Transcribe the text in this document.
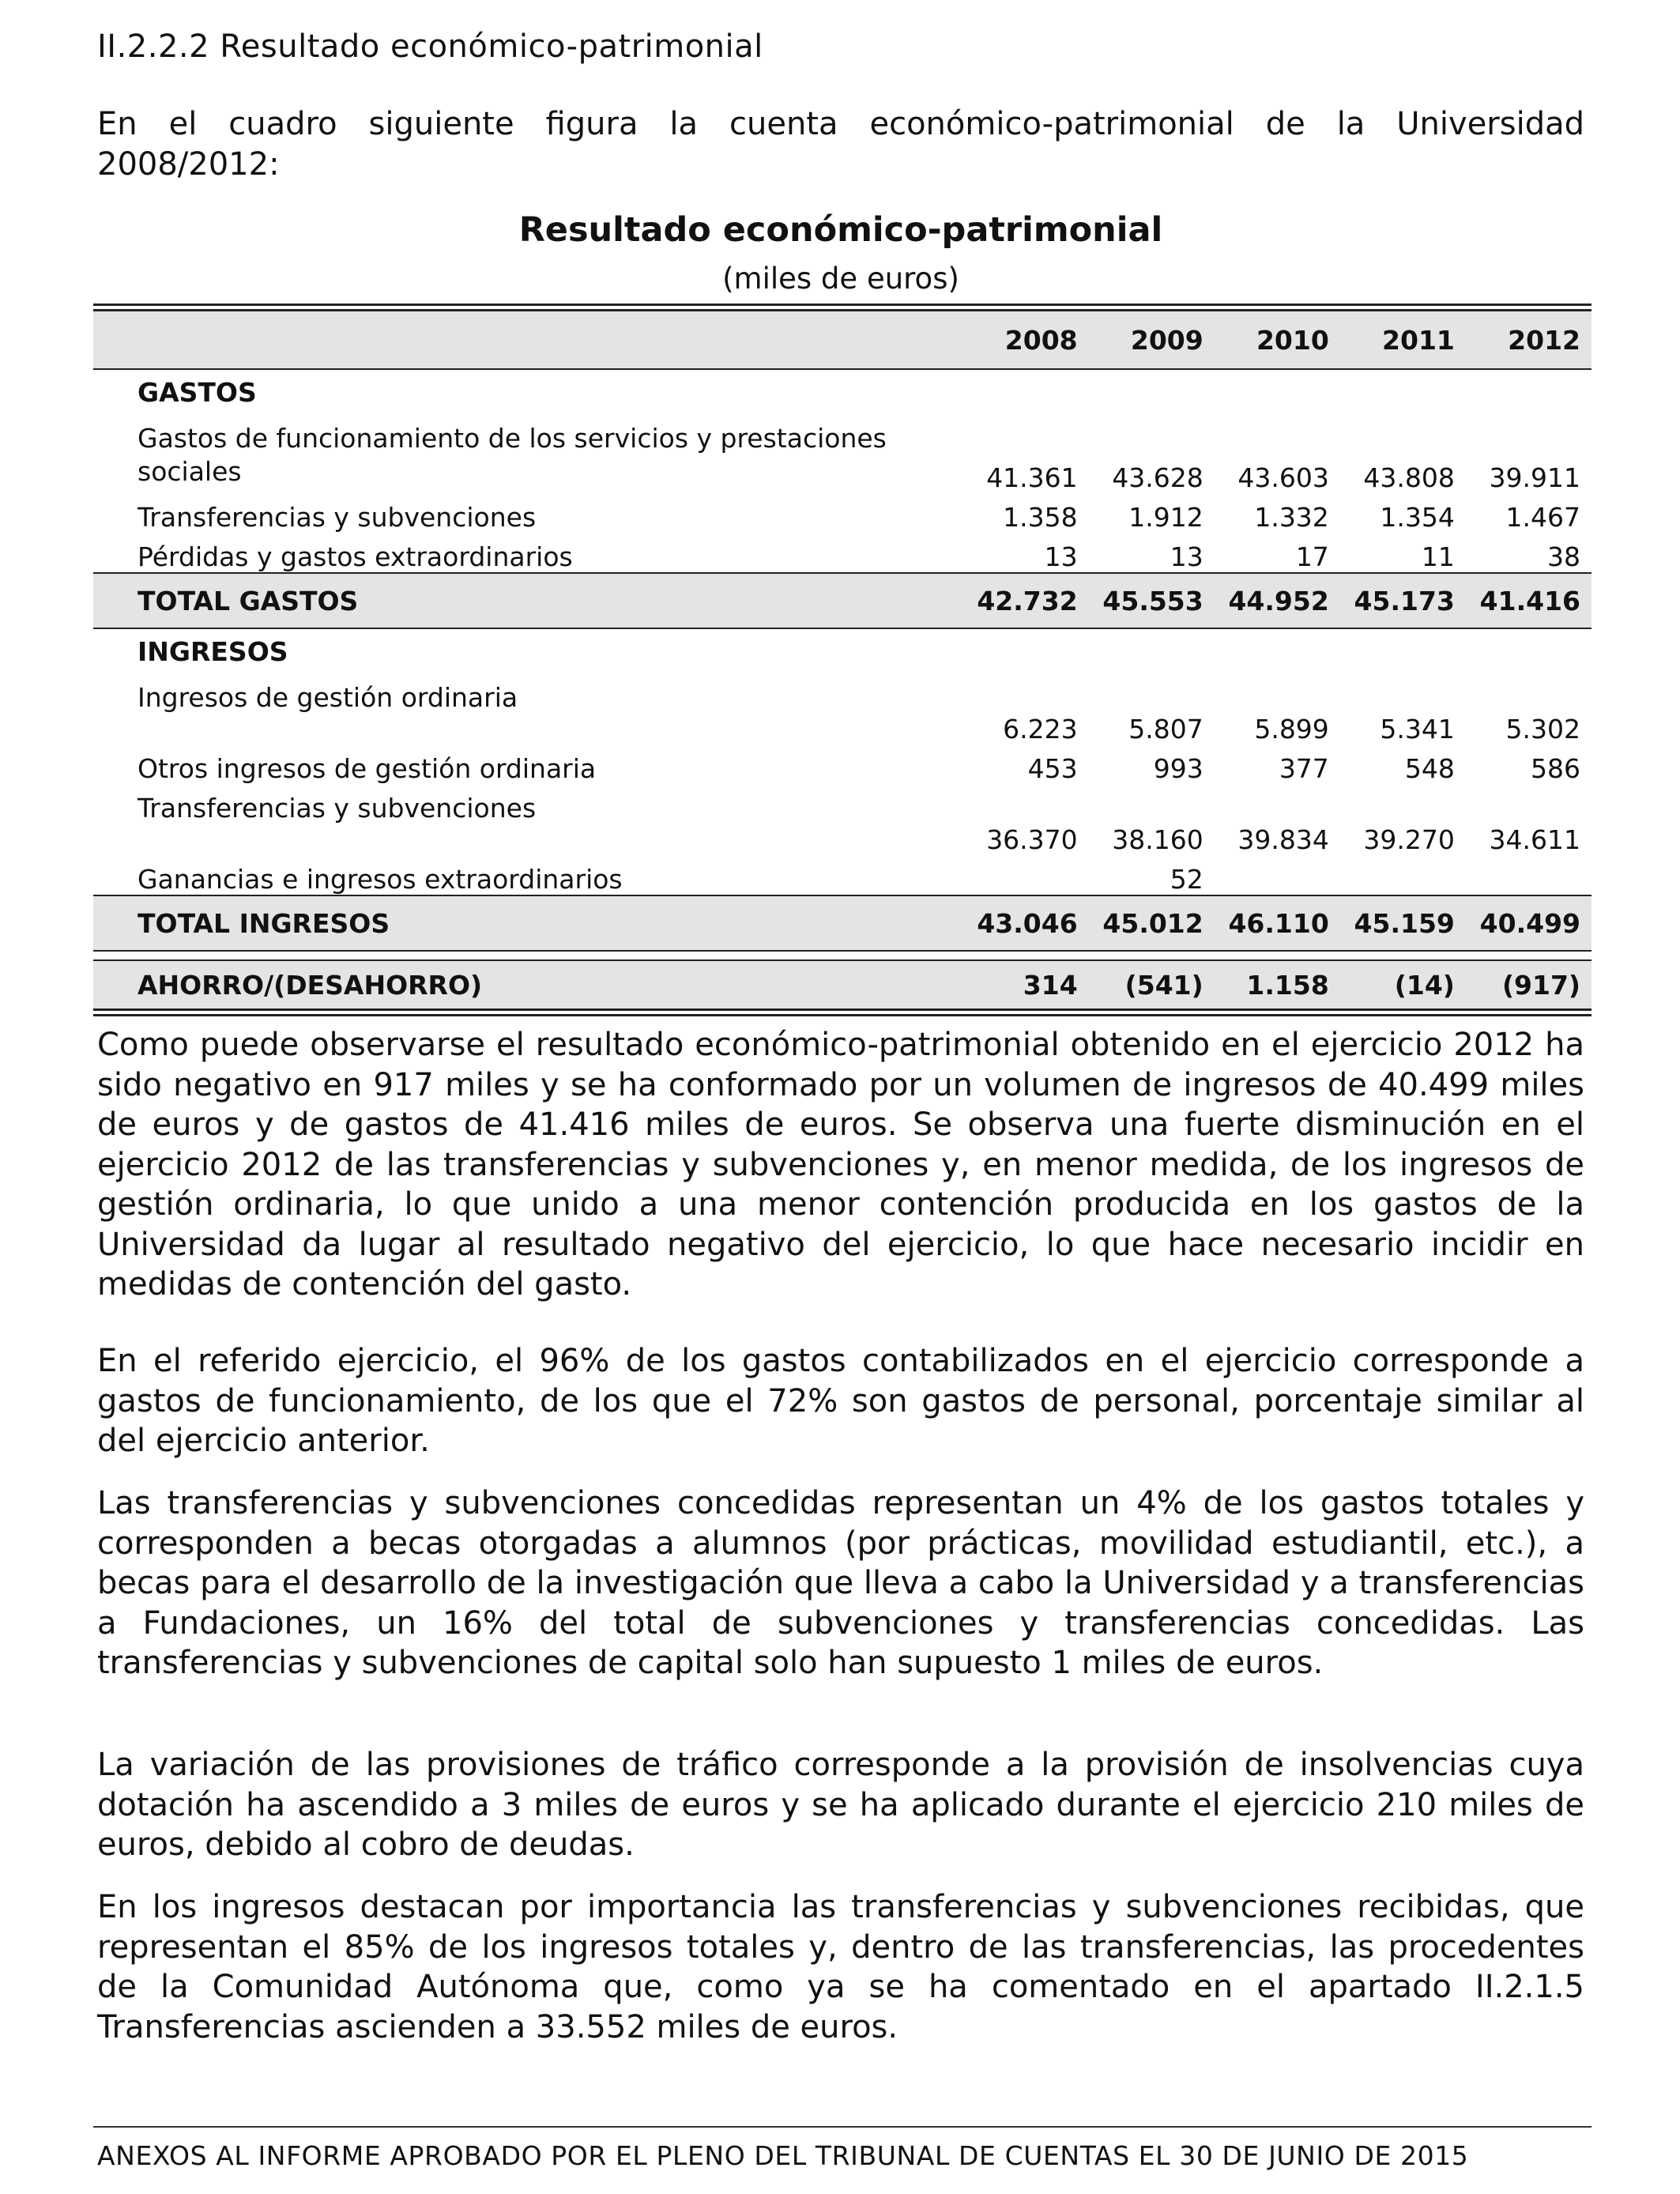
II.2.2.2 Resultado económico-patrimonial

En el cuadro siguiente figura la cuenta económico-patrimonial de la Universidad 2008/2012:

Resultado económico-patrimonial
(miles de euros)
	2008	2009	2010	2011	2012
GASTOS					
Gastos de funcionamiento de los servicios y prestaciones sociales	41.361	43.628	43.603	43.808	39.911
Transferencias y subvenciones	1.358	1.912	1.332	1.354	1.467
Pérdidas y gastos extraordinarios	13	13	17	11	38
TOTAL GASTOS	42.732	45.553	44.952	45.173	41.416
INGRESOS					
Ingresos de gestión ordinaria	6.223	5.807	5.899	5.341	5.302
Otros ingresos de gestión ordinaria	453	993	377	548	586
Transferencias y subvenciones	36.370	38.160	39.834	39.270	34.611
Ganancias e ingresos extraordinarios		52			
TOTAL INGRESOS	43.046	45.012	46.110	45.159	40.499

AHORRO/(DESAHORRO)	314	(541)	1.158	(14)	(917)

Como puede observarse el resultado económico-patrimonial obtenido en el ejercicio 2012 ha sido negativo en 917 miles y se ha conformado por un volumen de ingresos de 40.499 miles de euros y de gastos de 41.416 miles de euros. Se observa una fuerte disminución en el ejercicio 2012 de las transferencias y subvenciones y, en menor medida, de los ingresos de gestión ordinaria, lo que unido a una menor contención producida en los gastos de la Universidad da lugar al resultado negativo del ejercicio, lo que hace necesario incidir en medidas de contención del gasto.

En el referido ejercicio, el 96% de los gastos contabilizados en el ejercicio corresponde a gastos de funcionamiento, de los que el 72% son gastos de personal, porcentaje similar al del ejercicio anterior.

Las transferencias y subvenciones concedidas representan un 4% de los gastos totales y corresponden a becas otorgadas a alumnos (por prácticas, movilidad estudiantil, etc.), a becas para el desarrollo de la investigación que lleva a cabo la Universidad y a transferencias a Fundaciones, un 16% del total de subvenciones y transferencias concedidas. Las transferencias y subvenciones de capital solo han supuesto 1 miles de euros.

La variación de las provisiones de tráfico corresponde a la provisión de insolvencias cuya dotación ha ascendido a 3 miles de euros y se ha aplicado durante el ejercicio 210 miles de euros, debido al cobro de deudas.

En los ingresos destacan por importancia las transferencias y subvenciones recibidas, que representan el 85% de los ingresos totales y, dentro de las transferencias, las procedentes de la Comunidad Autónoma que, como ya se ha comentado en el apartado II.2.1.5 Transferencias ascienden a 33.552 miles de euros.

ANEXOS AL INFORME APROBADO POR EL PLENO DEL TRIBUNAL DE CUENTAS EL 30 DE JUNIO DE 2015
